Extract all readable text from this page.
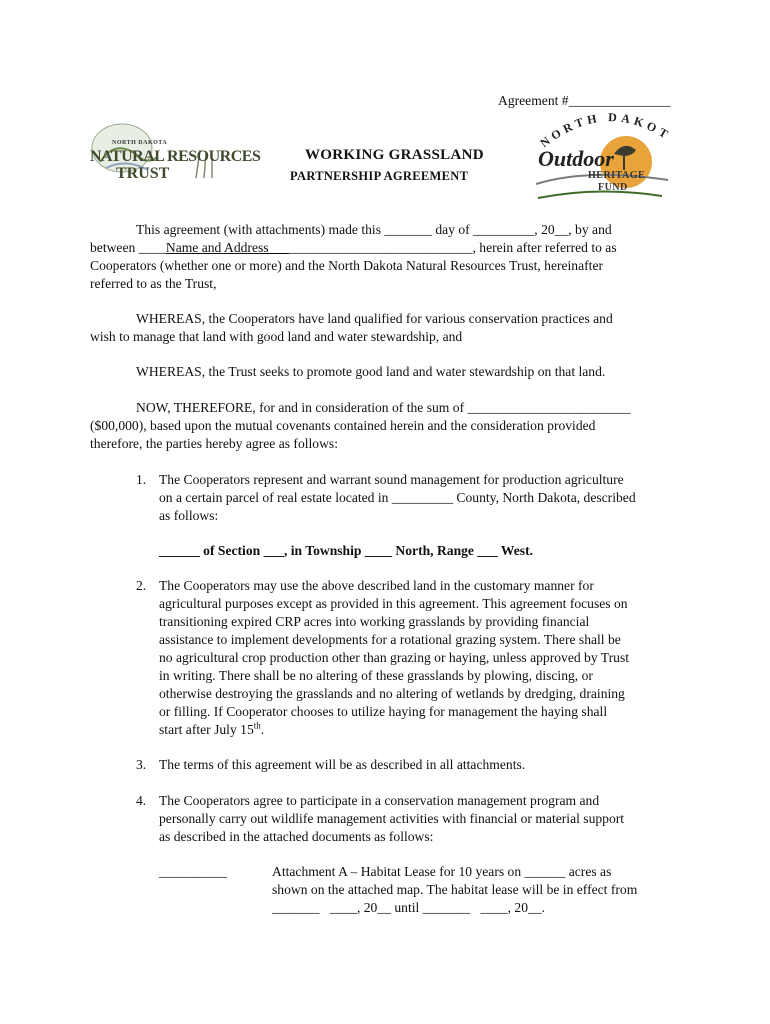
Agreement #_______________
NORTH DAKOTA
NATURAL RESOURCES
TRUST
WORKING GRASSLAND
PARTNERSHIP AGREEMENT
NORTH DAKOT
Outdoor
HERITAGE
FUND
This agreement (with attachments) made this _______ day of _________, 20__, by and
between ____Name and Address      ___________________________, herein after referred to as
Cooperators (whether one or more) and the North Dakota Natural Resources Trust, hereinafter
referred to as the Trust,
WHEREAS, the Cooperators have land qualified for various conservation practices and
wish to manage that land with good land and water stewardship, and
WHEREAS, the Trust seeks to promote good land and water stewardship on that land.
NOW, THEREFORE, for and in consideration of the sum of ________________________
($00,000), based upon the mutual covenants contained herein and the consideration provided
therefore, the parties hereby agree as follows:
1. The Cooperators represent and warrant sound management for production agriculture
on a certain parcel of real estate located in _________ County, North Dakota, described
as follows:
______ of Section ___, in Township ____ North, Range ___ West.
2. The Cooperators may use the above described land in the customary manner for
agricultural purposes except as provided in this agreement. This agreement focuses on
transitioning expired CRP acres into working grasslands by providing financial
assistance to implement developments for a rotational grazing system. There shall be
no agricultural crop production other than grazing or haying, unless approved by Trust
in writing. There shall be no altering of these grasslands by plowing, discing, or
otherwise destroying the grasslands and no altering of wetlands by dredging, draining
or filling. If Cooperator chooses to utilize haying for management the haying shall
start after July 15th.
3. The terms of this agreement will be as described in all attachments.
4. The Cooperators agree to participate in a conservation management program and
personally carry out wildlife management activities with financial or material support
as described in the attached documents as follows:
__________	Attachment A – Habitat Lease for 10 years on ______ acres as
shown on the attached map. The habitat lease will be in effect from
_______   ____, 20__ until _______   ____, 20__.
